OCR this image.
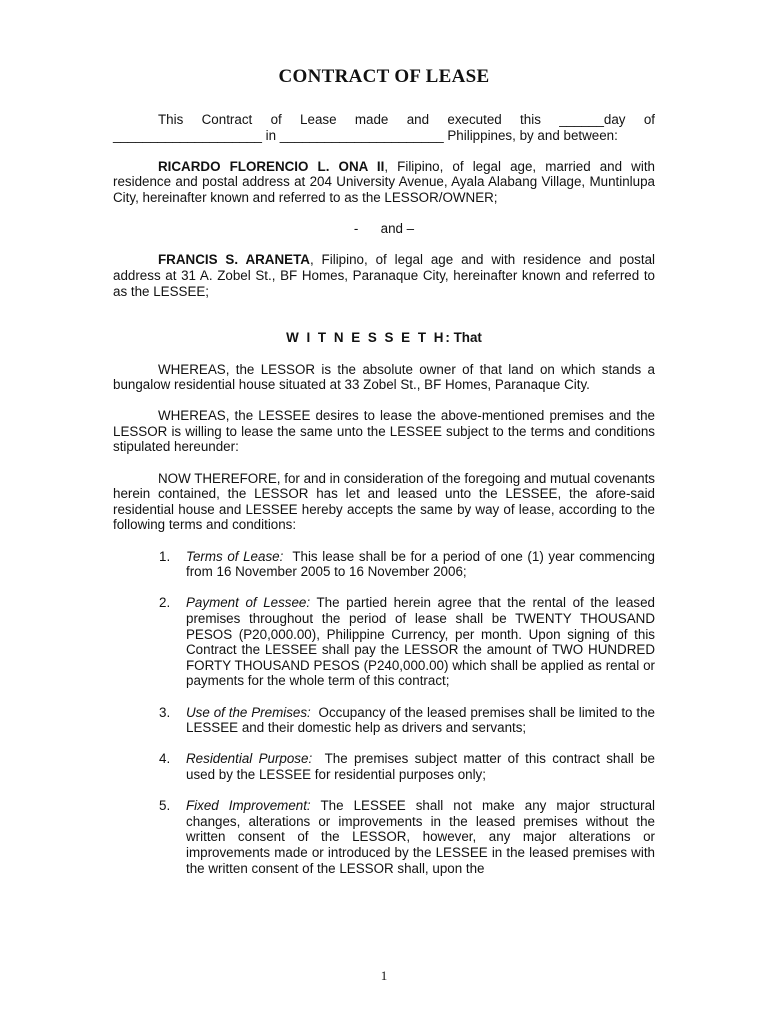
CONTRACT OF LEASE

This Contract of Lease made and executed this ______day of ____________________ in ______________________ Philippines, by and between:

RICARDO FLORENCIO L. ONA II, Filipino, of legal age, married and with residence and postal address at 204 University Avenue, Ayala Alabang Village, Muntinlupa City, hereinafter known and referred to as the LESSOR/OWNER;

-      and –

FRANCIS S. ARANETA, Filipino, of legal age and with residence and postal address at 31 A. Zobel St., BF Homes, Paranaque City, hereinafter known and referred to as the LESSEE;

W I T N E S S E T H: That

WHEREAS, the LESSOR is the absolute owner of that land on which stands a bungalow residential house situated at 33 Zobel St., BF Homes, Paranaque City.

WHEREAS, the LESSEE desires to lease the above-mentioned premises and the LESSOR is willing to lease the same unto the LESSEE subject to the terms and conditions stipulated hereunder:

NOW THEREFORE, for and in consideration of the foregoing and mutual covenants herein contained, the LESSOR has let and leased unto the LESSEE, the afore-said residential house and LESSEE hereby accepts the same by way of lease, according to the following terms and conditions:

1. Terms of Lease:  This lease shall be for a period of one (1) year commencing from 16 November 2005 to 16 November 2006;
2. Payment of Lessee: The partied herein agree that the rental of the leased premises throughout the period of lease shall be TWENTY THOUSAND PESOS (P20,000.00), Philippine Currency, per month. Upon signing of this Contract the LESSEE shall pay the LESSOR the amount of TWO HUNDRED FORTY THOUSAND PESOS (P240,000.00) which shall be applied as rental or payments for the whole term of this contract;
3. Use of the Premises:  Occupancy of the leased premises shall be limited to the LESSEE and their domestic help as drivers and servants;
4. Residential Purpose:  The premises subject matter of this contract shall be used by the LESSEE for residential purposes only;
5. Fixed Improvement: The LESSEE shall not make any major structural changes, alterations or improvements in the leased premises without the written consent of the LESSOR, however, any major alterations or improvements made or introduced by the LESSEE in the leased premises with the written consent of the LESSOR shall, upon the
1
